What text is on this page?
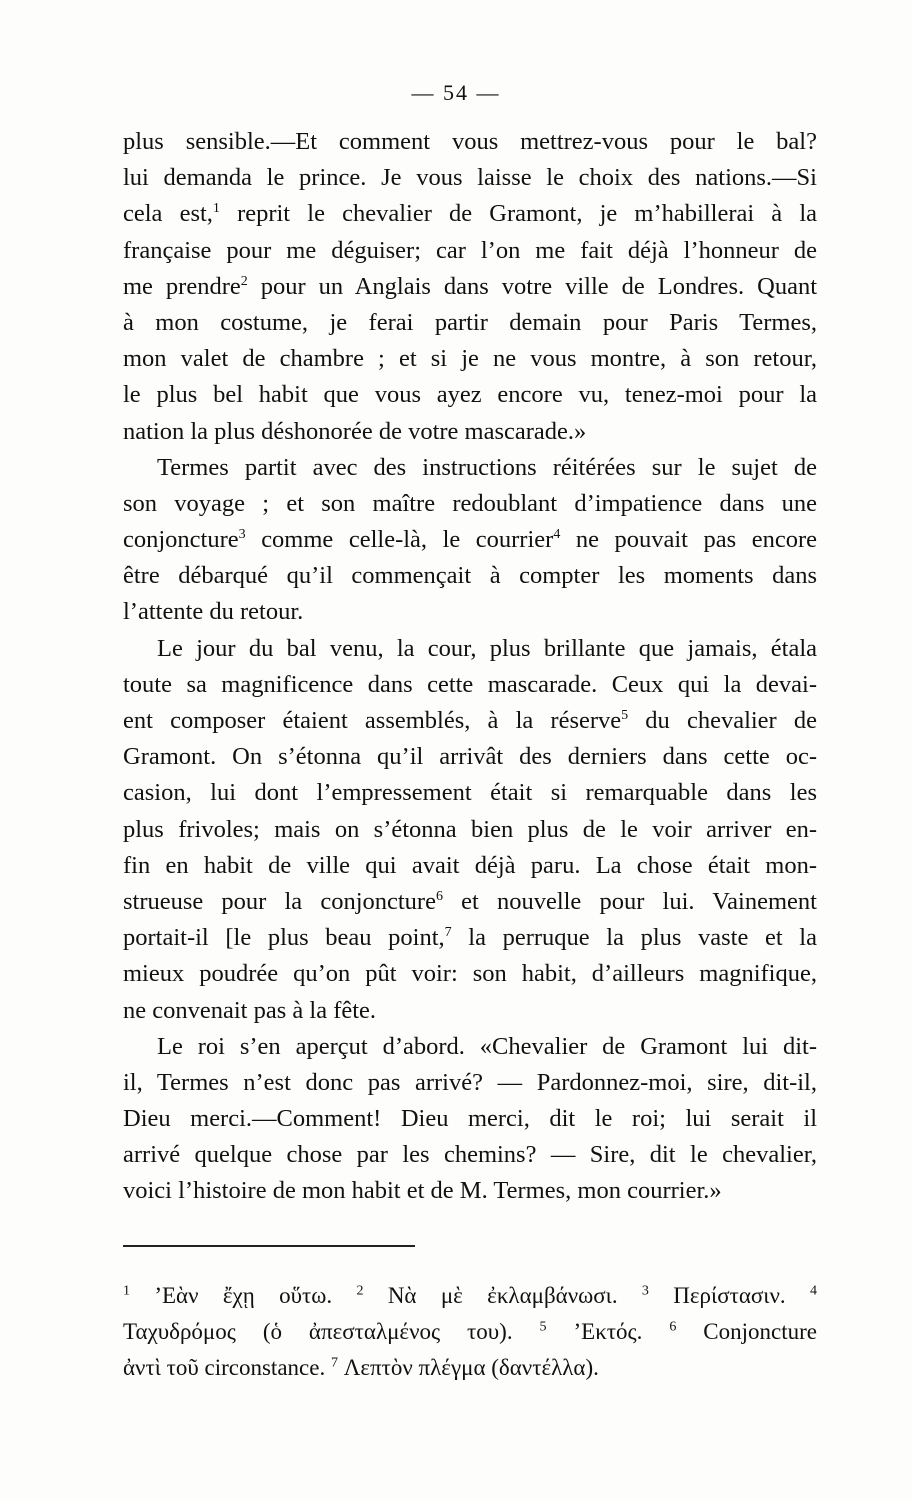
— 54 —
plus sensible.—Et comment vous mettrez-vous pour le bal?
lui demanda le prince. Je vous laisse le choix des nations.—Si
cela est,$^1$ reprit le chevalier de Gramont, je m’habillerai à la
française pour me déguiser; car l’on me fait déjà l’honneur de
me prendre$^2$ pour un Anglais dans votre ville de Londres. Quant
à mon costume, je ferai partir demain pour Paris Termes,
mon valet de chambre ; et si je ne vous montre, à son retour,
le plus bel habit que vous ayez encore vu, tenez-moi pour la
nation la plus déshonorée de votre mascarade.»
Termes partit avec des instructions réitérées sur le sujet de
son voyage ; et son maître redoublant d’impatience dans une
conjoncture$^3$ comme celle-là, le courrier$^4$ ne pouvait pas encore
être débarqué qu’il commençait à compter les moments dans
l’attente du retour.
Le jour du bal venu, la cour, plus brillante que jamais, étala
toute sa magnificence dans cette mascarade. Ceux qui la devai-
ent composer étaient assemblés, à la réserve$^5$ du chevalier de
Gramont. On s’étonna qu’il arrivât des derniers dans cette oc-
casion, lui dont l’empressement était si remarquable dans les
plus frivoles; mais on s’étonna bien plus de le voir arriver en-
fin en habit de ville qui avait déjà paru. La chose était mon-
strueuse pour la conjoncture$^6$ et nouvelle pour lui. Vainement
portait-il [le plus beau point,$^7$ la perruque la plus vaste et la
mieux poudrée qu’on pût voir: son habit, d’ailleurs magnifique,
ne convenait pas à la fête.
Le roi s’en aperçut d’abord. «Chevalier de Gramont lui dit-
il, Termes n’est donc pas arrivé? — Pardonnez-moi, sire, dit-il,
Dieu merci.—Comment! Dieu merci, dit le roi; lui serait il
arrivé quelque chose par les chemins? — Sire, dit le chevalier,
voici l’histoire de mon habit et de M. Termes, mon courrier.»
$^1$ ’Εὰν ἔχῃ οὕτω. $^2$ Νὰ μὲ ἐκλαμβάνωσι. $^3$ Περίστασιν. $^4$
Ταχυδρόμος (ὁ ἀπεσταλμένος του). $^5$ ’Εκτός. $^6$ Conjoncture
ἀντὶ τοῦ circonstance. $^7$ Λεπτὸν πλέγμα (δαντέλλα).
